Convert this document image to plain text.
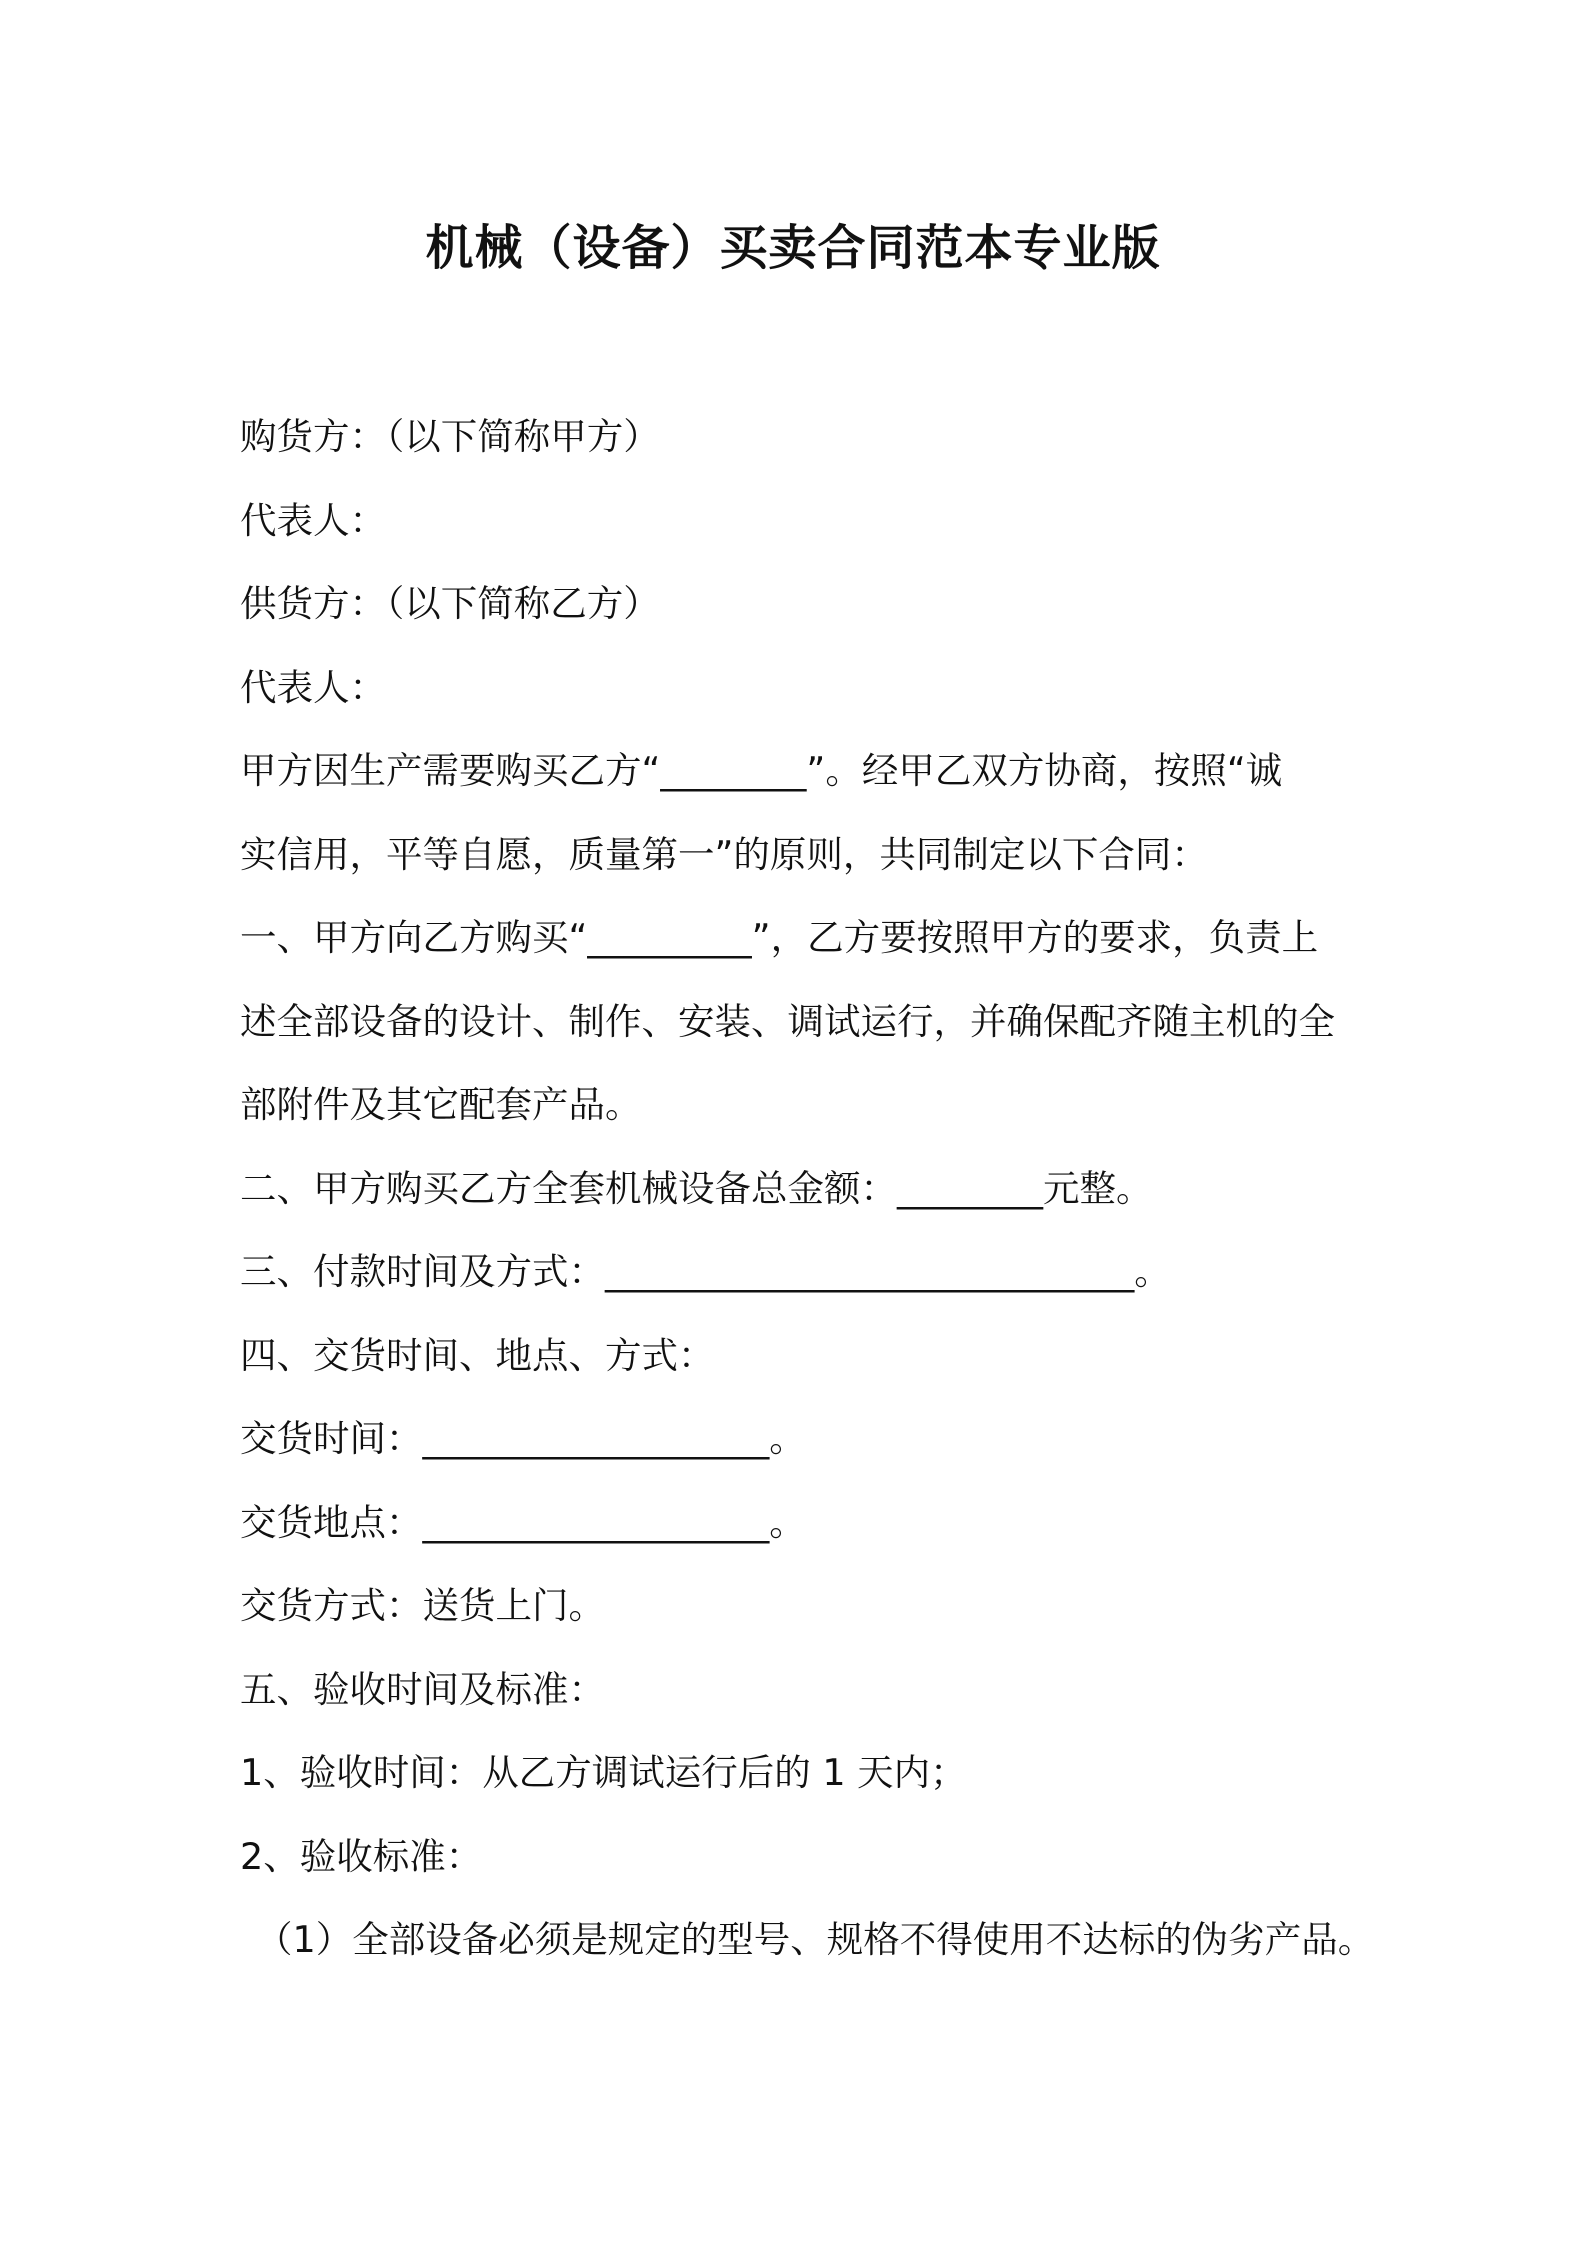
机械（设备）买卖合同范本专业版
购货方：（以下简称甲方）
代表人：
供货方：（以下简称乙方）
代表人：
甲方因生产需要购买乙方“________”。经甲乙双方协商，按照“诚
实信用，平等自愿，质量第一”的原则，共同制定以下合同：
一、甲方向乙方购买“_________”，乙方要按照甲方的要求，负责上
述全部设备的设计、制作、安装、调试运行，并确保配齐随主机的全
部附件及其它配套产品。
二、甲方购买乙方全套机械设备总金额：________元整。
三、付款时间及方式：_____________________________。
四、交货时间、地点、方式：
交货时间：___________________。
交货地点：___________________。
交货方式：送货上门。
五、验收时间及标准：
1、验收时间：从乙方调试运行后的 1 天内；
2、验收标准：
（1）全部设备必须是规定的型号、规格不得使用不达标的伪劣产品。
